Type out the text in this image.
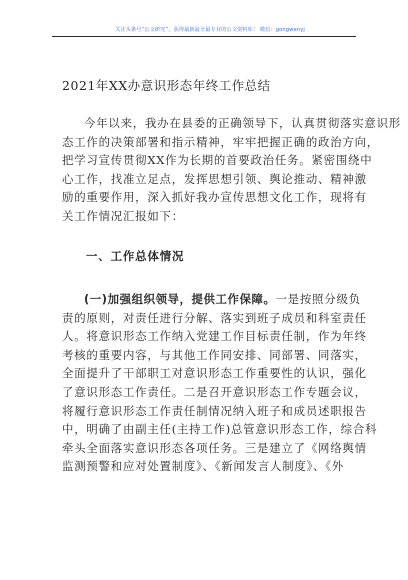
关注头条号“公文研究”，获得最新最全最专业的公文资料库！ 微信：gongwenyj
2021年XX办意识形态年终工作总结
今年以来，我办在县委的正确领导下，认真贯彻落实意识形
态工作的决策部署和指示精神，牢牢把握正确的政治方向，
把学习宣传贯彻XX作为长期的首要政治任务。紧密围绕中
心工作，找准立足点，发挥思想引领、舆论推动、精神激
励的重要作用，深入抓好我办宣传思想文化工作，现将有
关工作情况汇报如下：
一、工作总体情况
(一)加强组织领导，提供工作保障。一是按照分级负
责的原则，对责任进行分解、落实到班子成员和科室责任
人。将意识形态工作纳入党建工作目标责任制，作为年终
考核的重要内容，与其他工作同安排、同部署、同落实，
全面提升了干部职工对意识形态工作重要性的认识，强化
了意识形态工作责任。二是召开意识形态工作专题会议，
将履行意识形态工作责任制情况纳入班子和成员述职报告
中，明确了由副主任(主持工作)总管意识形态工作，综合科
牵头全面落实意识形态各项任务。三是建立了《网络舆情
监测预警和应对处置制度》、《新闻发言人制度》、《外
